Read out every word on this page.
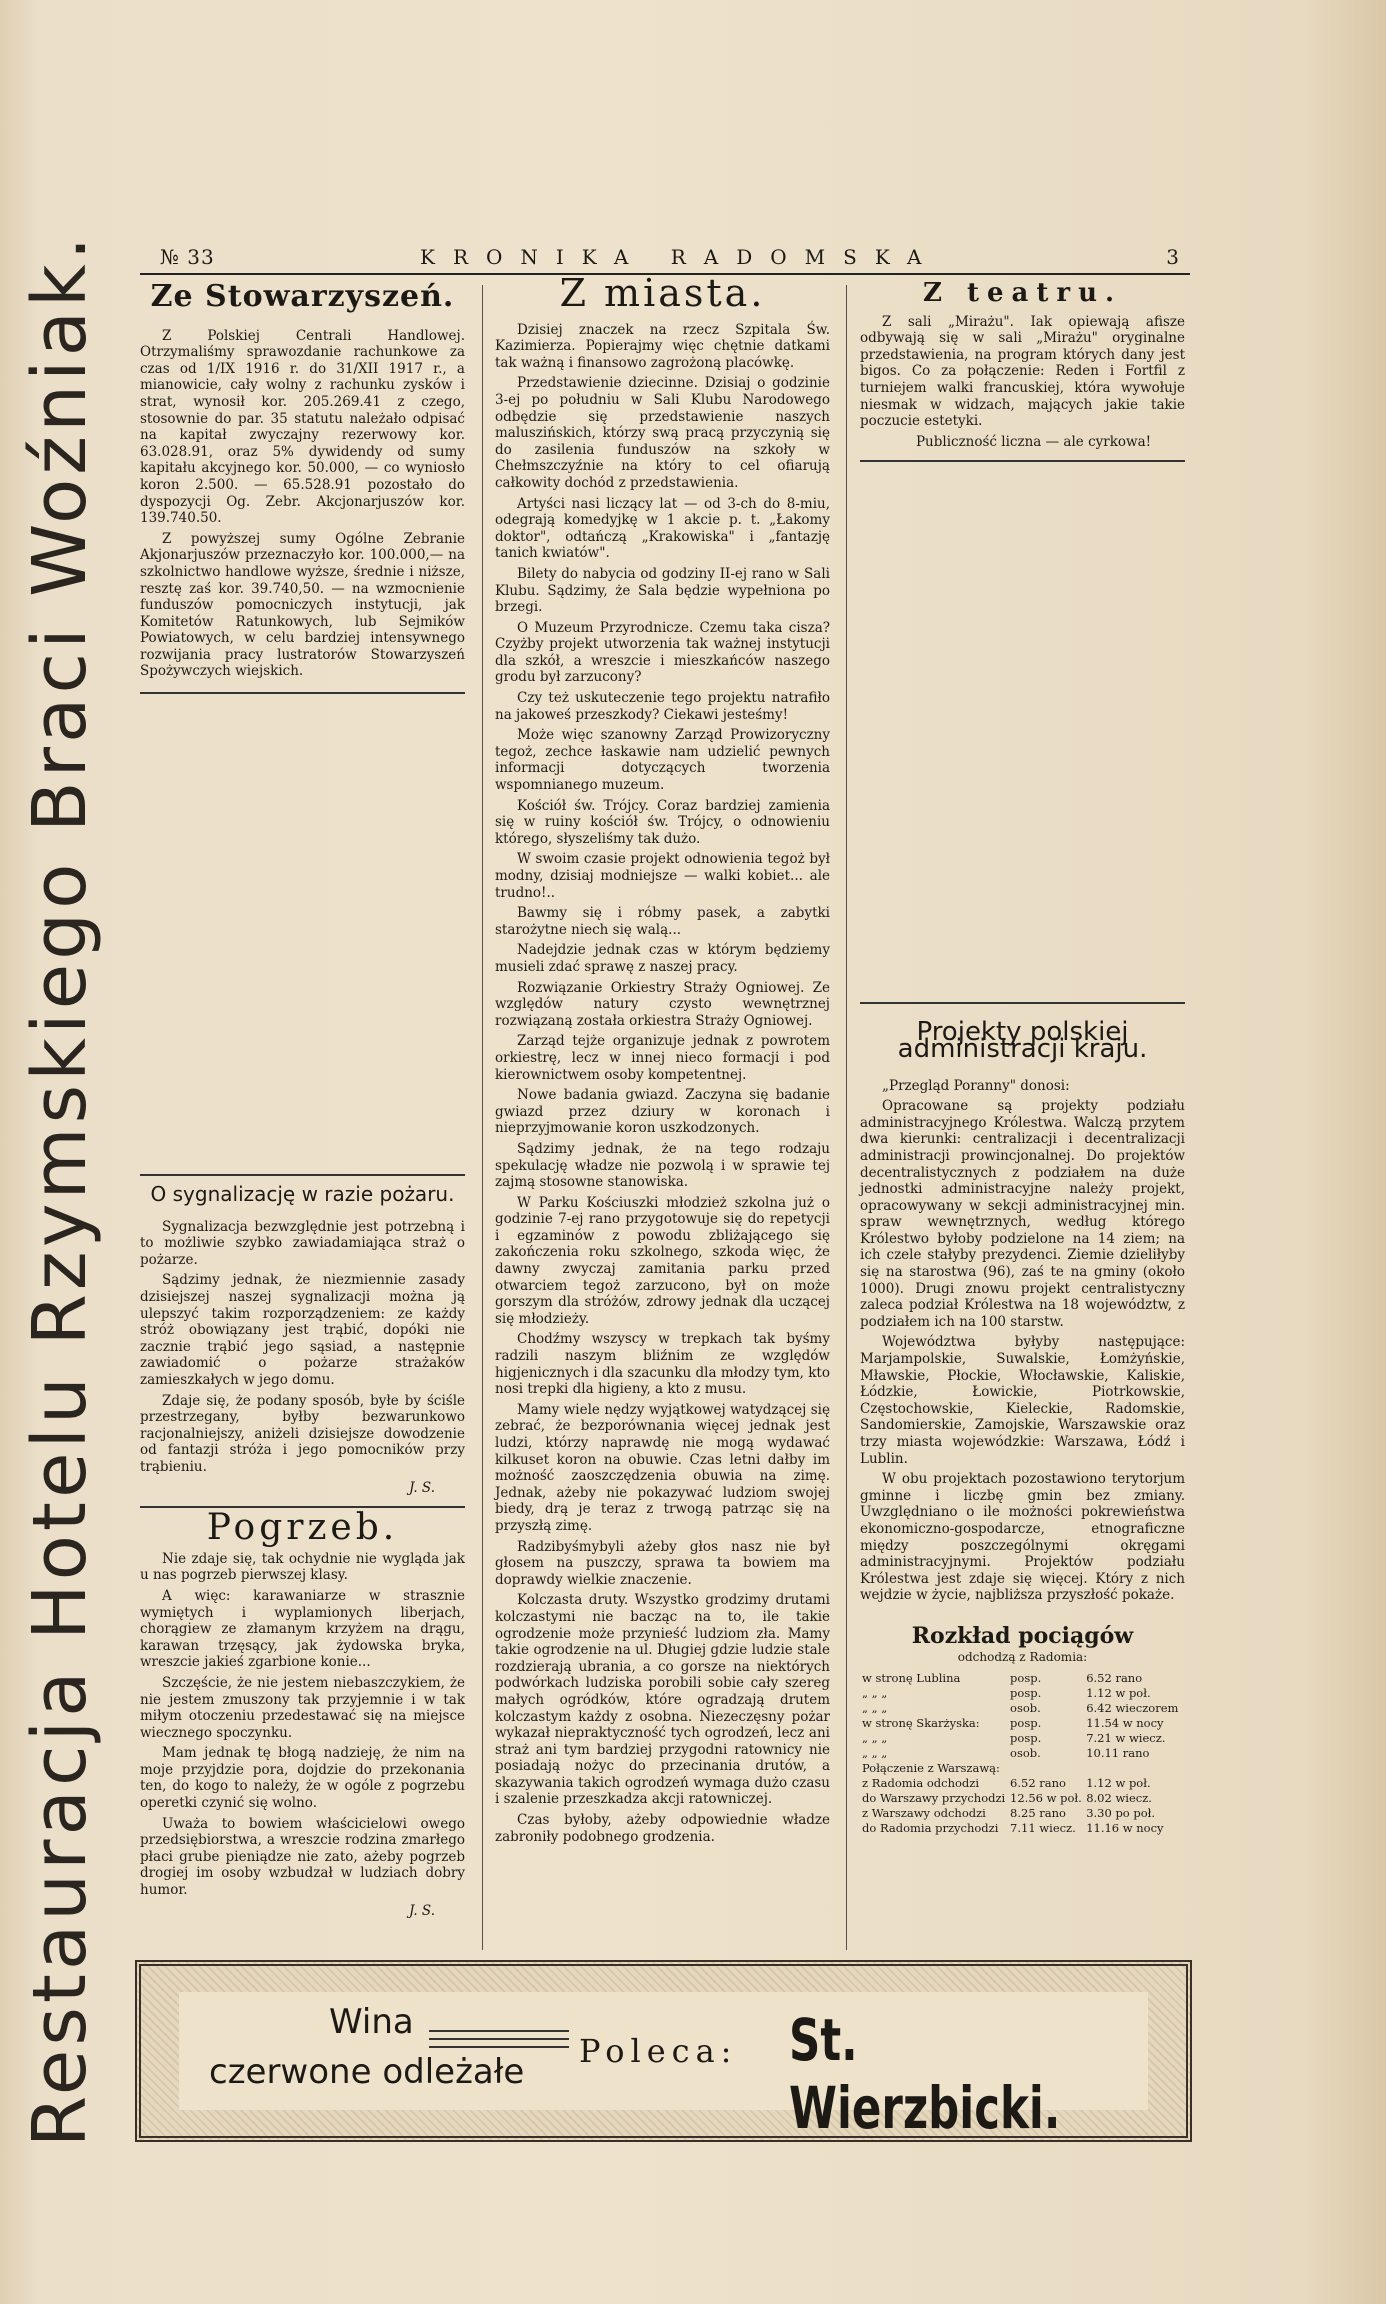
Restauracja Hotelu Rzymskiego Braci Woźniak.	№ 33	KRONIKA RADOMSKA	3
Ze Stowarzyszeń.

Z Polskiej Centrali Handlowej. Otrzymaliśmy sprawozdanie rachunkowe za czas od 1/IX 1916 r. do 31/XII 1917 r., a mianowicie, cały wolny z rachunku zysków i strat, wynosił kor. 205.269.41 z czego, stosownie do par. 35 statutu należało odpisać na kapitał zwyczajny rezerwowy kor. 63.028.91, oraz 5% dywidendy od sumy kapitału akcyjnego kor. 50.000, — co wyniosło koron 2.500. — 65.528.91 pozostało do dyspozycji Og. Zebr. Akcjonarjuszów kor. 139.740.50.

Z powyższej sumy Ogólne Zebranie Akjonarjuszów przeznaczyło kor. 100.000,— na szkolnictwo handlowe wyższe, średnie i niższe, resztę zaś kor. 39.740,50. — na wzmocnienie funduszów pomocniczych instytucji, jak Komitetów Ratunkowych, lub Sejmików Powiatowych, w celu bardziej intensywnego rozwijania pracy lustratorów Stowarzyszeń Spożywczych wiejskich.

O sygnalizację w razie pożaru.

Sygnalizacja bezwzględnie jest potrzebną i to możliwie szybko zawiadamiająca straż o pożarze.

Sądzimy jednak, że niezmiennie zasady dzisiejszej naszej sygnalizacji można ją ulepszyć takim rozporządzeniem: ze każdy stróż obowiązany jest trąbić, dopóki nie zacznie trąbić jego sąsiad, a następnie zawiadomić o pożarze strażaków zamieszkałych w jego domu.

Zdaje się, że podany sposób, byłe by ściśle przestrzegany, byłby bezwarunkowo racjonalniejszy, aniżeli dzisiejsze dowodzenie od fantazji stróża i jego pomocników przy trąbieniu.

J. S.
Pogrzeb.

Nie zdaje się, tak ochydnie nie wygląda jak u nas pogrzeb pierwszej klasy.

A więc: karawaniarze w strasznie wymiętych i wyplamionych liberjach, chorągiew ze złamanym krzyżem na drągu, karawan trzęsący, jak żydowska bryka, wreszcie jakieś zgarbione konie...

Szczęście, że nie jestem niebaszczykiem, że nie jestem zmuszony tak przyjemnie i w tak miłym otoczeniu przedestawać się na miejsce wiecznego spoczynku.

Mam jednak tę błogą nadzieję, że nim na moje przyjdzie pora, dojdzie do przekonania ten, do kogo to należy, że w ogóle z pogrzebu operetki czynić się wolno.

Uważa to bowiem właścicielowi owego przedsiębiorstwa, a wreszcie rodzina zmarłego płaci grube pieniądze nie zato, ażeby pogrzeb drogiej im osoby wzbudzał w ludziach dobry humor.

J. S.
Z miasta.

Dzisiej znaczek na rzecz Szpitala Św. Kazimierza. Popierajmy więc chętnie datkami tak ważną i finansowo zagrożoną placówkę.

Przedstawienie dziecinne. Dzisiaj o godzinie 3-ej po południu w Sali Klubu Narodowego odbędzie się przedstawienie naszych maluszińskich, którzy swą pracą przyczynią się do zasilenia funduszów na szkoły w Chełmszczyźnie na który to cel ofiarują całkowity dochód z przedstawienia.

Artyści nasi liczący lat — od 3-ch do 8-miu, odegrają komedyjkę w 1 akcie p. t. „Łakomy doktor", odtańczą „Krakowiska" i „fantazję tanich kwiatów".

Bilety do nabycia od godziny II-ej rano w Sali Klubu. Sądzimy, że Sala będzie wypełniona po brzegi.

O Muzeum Przyrodnicze. Czemu taka cisza? Czyżby projekt utworzenia tak ważnej instytucji dla szkół, a wreszcie i mieszkańców naszego grodu był zarzucony?

Czy też uskuteczenie tego projektu natrafiło na jakoweś przeszkody? Ciekawi jesteśmy!

Może więc szanowny Zarząd Prowizoryczny tegoż, zechce łaskawie nam udzielić pewnych informacji dotyczących tworzenia wspomnianego muzeum.

Kościół św. Trójcy. Coraz bardziej zamienia się w ruiny kościół św. Trójcy, o odnowieniu którego, słyszeliśmy tak dużo.

W swoim czasie projekt odnowienia tegoż był modny, dzisiaj modniejsze — walki kobiet... ale trudno!..

Bawmy się i róbmy pasek, a zabytki starożytne niech się walą...

Nadejdzie jednak czas w którym będziemy musieli zdać sprawę z naszej pracy.

Rozwiązanie Orkiestry Straży Ogniowej. Ze względów natury czysto wewnętrznej rozwiązaną została orkiestra Straży Ogniowej.

Zarząd tejże organizuje jednak z powrotem orkiestrę, lecz w innej nieco formacji i pod kierownictwem osoby kompetentnej.

Nowe badania gwiazd. Zaczyna się badanie gwiazd przez dziury w koronach i nieprzyjmowanie koron uszkodzonych.

Sądzimy jednak, że na tego rodzaju spekulację władze nie pozwolą i w sprawie tej zajmą stosowne stanowiska.

W Parku Kościuszki młodzież szkolna już o godzinie 7-ej rano przygotowuje się do repetycji i egzaminów z powodu zbliżającego się zakończenia roku szkolnego, szkoda więc, że dawny zwyczaj zamitania parku przed otwarciem tegoż zarzucono, był on może gorszym dla stróżów, zdrowy jednak dla uczącej się młodzieży.

Chodźmy wszyscy w trepkach tak byśmy radzili naszym bliźnim ze względów higjenicznych i dla szacunku dla młodzy tym, kto nosi trepki dla higieny, a kto z musu.

Mamy wiele nędzy wyjątkowej watydzącej się zebrać, że bezporównania więcej jednak jest ludzi, którzy naprawdę nie mogą wydawać kilkuset koron na obuwie. Czas letni dałby im możność zaoszczędzenia obuwia na zimę. Jednak, ażeby nie pokazywać ludziom swojej biedy, drą je teraz z trwogą patrząc się na przyszłą zimę.

Radzibyśmybyli ażeby głos nasz nie był głosem na puszczy, sprawa ta bowiem ma doprawdy wielkie znaczenie.

Kolczasta druty. Wszystko grodzimy drutami kolczastymi nie bacząc na to, ile takie ogrodzenie może przynieść ludziom zła. Mamy takie ogrodzenie na ul. Długiej gdzie ludzie stale rozdzierają ubrania, a co gorsze na niektórych podwórkach ludziska porobili sobie cały szereg małych ogródków, które ogradzają drutem kolczastym każdy z osobna. Niezeczęsny pożar wykazał niepraktyczność tych ogrodzeń, lecz ani straż ani tym bardziej przygodni ratownicy nie posiadają nożyc do przecinania drutów, a skazywania takich ogrodzeń wymaga dużo czasu i szalenie przeszkadza akcji ratowniczej.

Czas byłoby, ażeby odpowiednie władze zabroniły podobnego grodzenia.

Z teatru.

Z sali „Mirażu". Iak opiewają afisze odbywają się w sali „Mirażu" oryginalne przedstawienia, na program których dany jest bigos. Co za połączenie: Reden i Fortfil z turniejem walki francuskiej, która wywołuje niesmak w widzach, mających jakie takie poczucie estetyki.

Publiczność liczna — ale cyrkowa!

Projekty polskiej administracji kraju.

„Przegląd Poranny" donosi:

Opracowane są projekty podziału administracyjnego Królestwa. Walczą przytem dwa kierunki: centralizacji i decentralizacji administracji prowincjonalnej. Do projektów decentralistycznych z podziałem na duże jednostki administracyjne należy projekt, opracowywany w sekcji administracyjnej min. spraw wewnętrznych, według którego Królestwo byłoby podzielone na 14 ziem; na ich czele stałyby prezydenci. Ziemie dzieliłyby się na starostwa (96), zaś te na gminy (około 1000). Drugi znowu projekt centralistyczny zaleca podział Królestwa na 18 województw, z podziałem ich na 100 starstw.

Województwa byłyby następujące: Marjampolskie, Suwalskie, Łomżyńskie, Mławskie, Płockie, Włocławskie, Kaliskie, Łódzkie, Łowickie, Piotrkowskie, Częstochowskie, Kieleckie, Radomskie, Sandomierskie, Zamojskie, Warszawskie oraz trzy miasta wojewódzkie: Warszawa, Łódź i Lublin.

W obu projektach pozostawiono terytorjum gminne i liczbę gmin bez zmiany. Uwzględniano o ile możności pokrewieństwa ekonomiczno-gospodarcze, etnograficzne między poszczególnymi okręgami administracyjnymi. Projektów podziału Królestwa jest zdaje się więcej. Który z nich wejdzie w życie, najbliższa przyszłość pokaże.

Rozkład pociągów
odchodzą z Radomia:
w stronę Lublina	posp.	6.52 rano	
„ „ „	posp.	1.12 w poł.	
„ „ „	osob.	6.42 wieczorem	
w stronę Skarżyska:	posp.	11.54 w nocy	
„ „ „	posp.	7.21 w wiecz.	
„ „ „	osob.	10.11 rano	
Połączenie z Warszawą:			
z Radomia odchodzi	6.52 rano	1.12 w poł.	
do Warszawy przychodzi	12.56 w poł.	8.02 wiecz.	
z Warszawy odchodzi	8.25 rano	3.30 po poł.	
do Radomia przychodzi	7.11 wiecz.	11.16 w nocy	
Wina
czerwone odleżałe
Poleca: St. Wierzbicki.
